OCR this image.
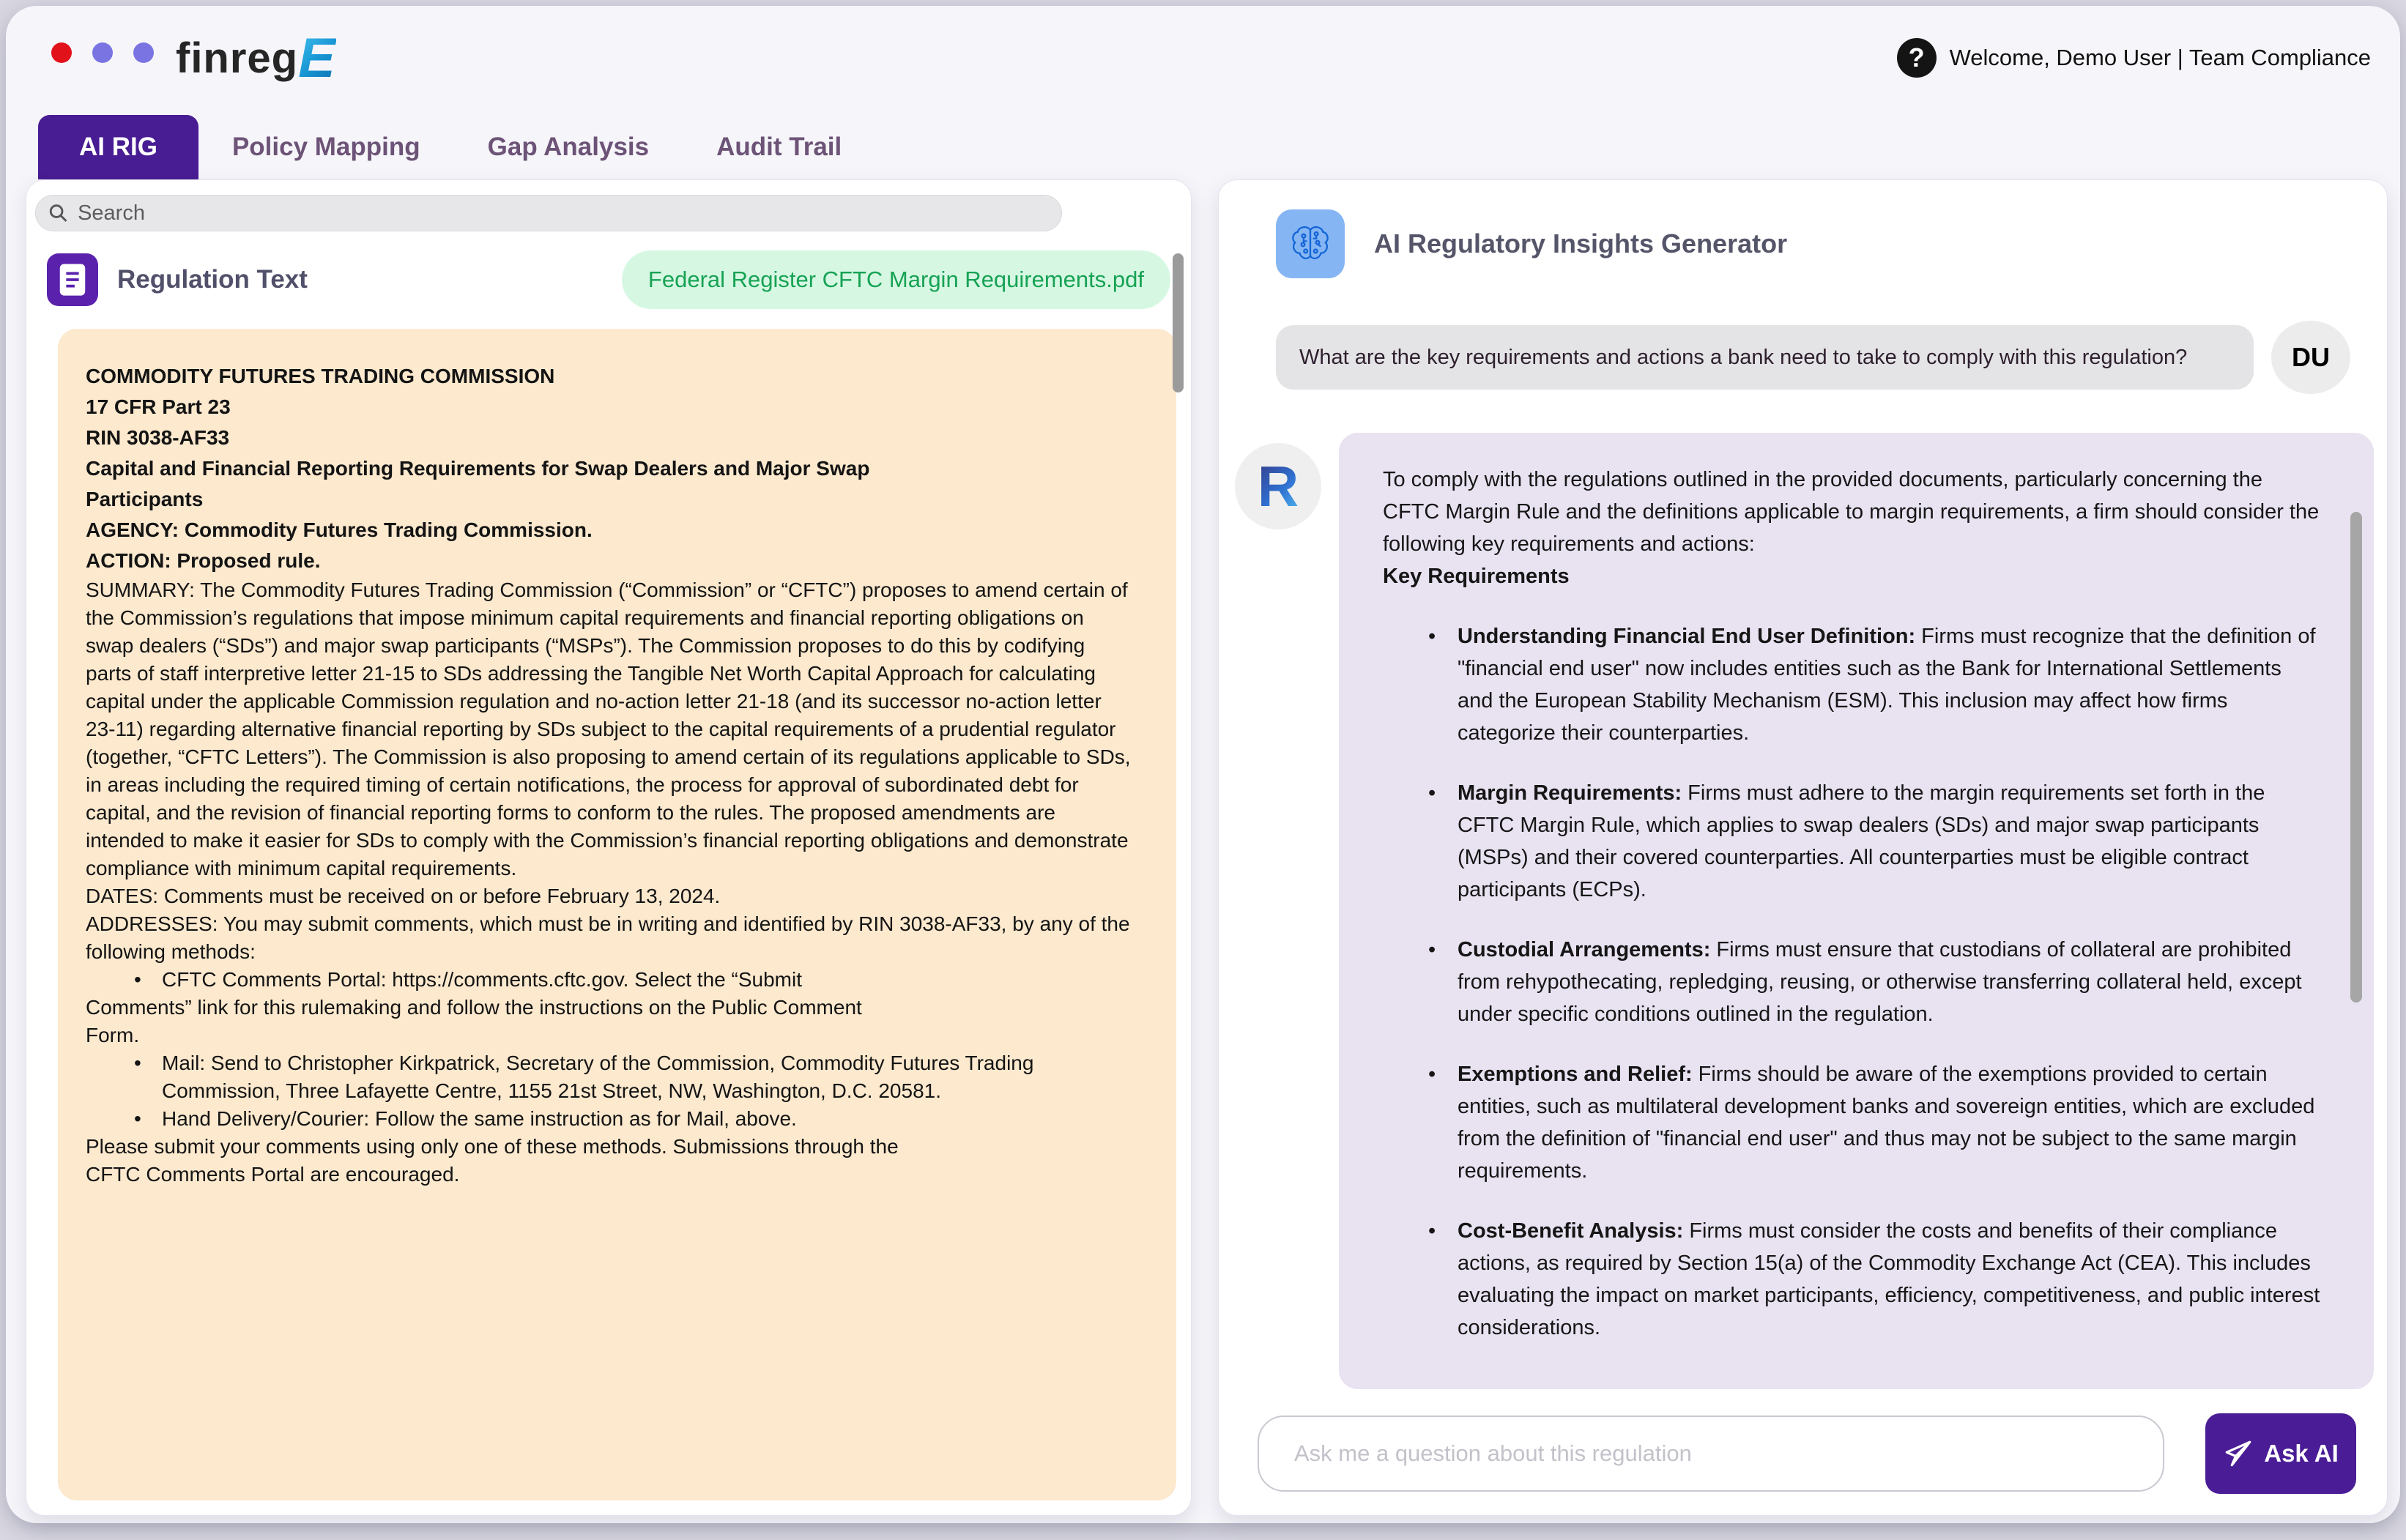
finregE	?	Welcome, Demo User | Team Compliance
AI RIG	Policy Mapping	Gap Analysis	Audit Trail
Search
Regulation Text	Federal Register CFTC Margin Requirements.pdf
COMMODITY FUTURES TRADING COMMISSION
17 CFR Part 23
RIN 3038-AF33
Capital and Financial Reporting Requirements for Swap Dealers and Major Swap
Participants
AGENCY: Commodity Futures Trading Commission.
ACTION: Proposed rule.

SUMMARY: The Commodity Futures Trading Commission (“Commission” or “CFTC”) proposes to amend certain of the Commission’s regulations that impose minimum capital requirements and financial reporting obligations on swap dealers (“SDs”) and major swap participants (“MSPs”). The Commission proposes to do this by codifying parts of staff interpretive letter 21-15 to SDs addressing the Tangible Net Worth Capital Approach for calculating capital under the applicable Commission regulation and no-action letter 21-18 (and its successor no-action letter 23-11) regarding alternative financial reporting by SDs subject to the capital requirements of a prudential regulator (together, “CFTC Letters”). The Commission is also proposing to amend certain of its regulations applicable to SDs, in areas including the required timing of certain notifications, the process for approval of subordinated debt for capital, and the revision of financial reporting forms to conform to the rules. The proposed amendments are intended to make it easier for SDs to comply with the Commission’s financial reporting obligations and demonstrate compliance with minimum capital requirements.

DATES: Comments must be received on or before February 13, 2024.

ADDRESSES: You may submit comments, which must be in writing and identified by RIN 3038-AF33, by any of the following methods:

• CFTC Comments Portal: https://comments.cftc.gov. Select the “Submit

Comments” link for this rulemaking and follow the instructions on the Public Comment

Form.

• Mail: Send to Christopher Kirkpatrick, Secretary of the Commission, Commodity Futures Trading Commission, Three Lafayette Centre, 1155 21st Street, NW, Washington, D.C. 20581.
• Hand Delivery/Courier: Follow the same instruction as for Mail, above.

Please submit your comments using only one of these methods. Submissions through the

CFTC Comments Portal are encouraged.

AI Regulatory Insights Generator
What are the key requirements and actions a bank need to take to comply with this regulation?	DU
R	To comply with the regulations outlined in the provided documents, particularly concerning the CFTC Margin Rule and the definitions applicable to margin requirements, a firm should consider the following key requirements and actions:

Key Requirements

• Understanding Financial End User Definition: Firms must recognize that the definition of "financial end user" now includes entities such as the Bank for International Settlements and the European Stability Mechanism (ESM). This inclusion may affect how firms categorize their counterparties.
• Margin Requirements: Firms must adhere to the margin requirements set forth in the CFTC Margin Rule, which applies to swap dealers (SDs) and major swap participants (MSPs) and their covered counterparties. All counterparties must be eligible contract participants (ECPs).
• Custodial Arrangements: Firms must ensure that custodians of collateral are prohibited from rehypothecating, repledging, reusing, or otherwise transferring collateral held, except under specific conditions outlined in the regulation.
• Exemptions and Relief: Firms should be aware of the exemptions provided to certain entities, such as multilateral development banks and sovereign entities, which are excluded from the definition of "financial end user" and thus may not be subject to the same margin requirements.
• Cost-Benefit Analysis: Firms must consider the costs and benefits of their compliance actions, as required by Section 15(a) of the Commodity Exchange Act (CEA). This includes evaluating the impact on market participants, efficiency, competitiveness, and public interest considerations.
Ask me a question about this regulation
Ask AI
